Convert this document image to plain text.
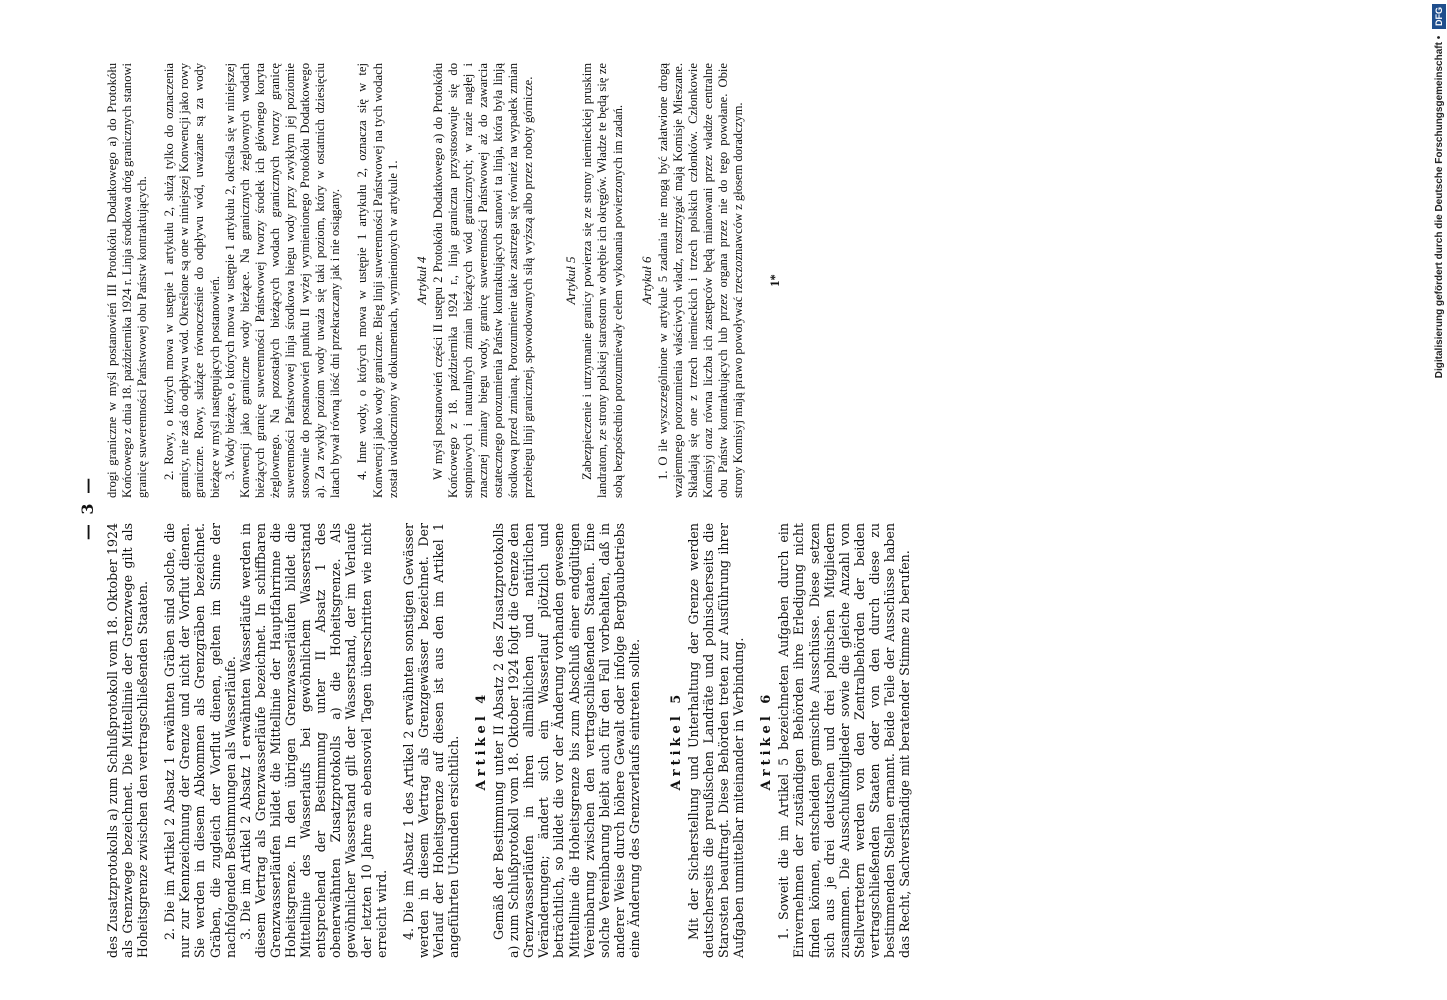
— 3 —

des Zusatzprotokolls a) zum Schlußprotokoll vom 18. Oktober 1924 als Grenzwege bezeichnet. Die Mittellinie der Grenzwege gilt als Hoheitsgrenze zwischen den vertragschließenden Staaten. 2. Die im Artikel 2 Absatz 1 erwähnten Gräben sind solche, die nur zur Kennzeichnung der Grenze und nicht der Vorflut dienen. Sie werden in diesem Abkommen als Grenzgräben bezeichnet. Gräben, die zugleich der Vorflut dienen, gelten im Sinne der nachfolgenden Bestimmungen als Wasserläufe. 3. Die im Artikel 2 Absatz 1 erwähnten Wasserläufe werden in diesem Vertrag als Grenzwasserläufe bezeichnet. In schiffbaren Grenzwasserläufen bildet die Mittellinie der Hauptfahrrinne die Hoheitsgrenze. In den übrigen Grenzwasserläufen bildet die Mittellinie des Wasserlaufs bei gewöhnlichem Wasserstand entsprechend der Bestimmung unter II Absatz 1 des obenerwähnten Zusatzprotokolls a) die Hoheitsgrenze. Als gewöhnlicher Wasserstand gilt der Wasserstand, der im Verlaufe der letzten 10 Jahre an ebensoviel Tagen überschritten wie nicht erreicht wird. 4. Die im Absatz 1 des Artikel 2 erwähnten sonstigen Gewässer werden in diesem Vertrag als Grenzgewässer bezeichnet. Der Verlauf der Hoheitsgrenze auf diesen ist aus den im Artikel 1 angeführten Urkunden ersichtlich. Artikel 4 Gemäß der Bestimmung unter II Absatz 2 des Zusatzprotokolls a) zum Schlußprotokoll vom 18. Oktober 1924 folgt die Grenze den Grenzwasserläufen in ihren allmählichen und natürlichen Veränderungen; ändert sich ein Wasserlauf plötzlich und beträchtlich, so bildet die vor der Änderung vorhanden gewesene Mittellinie die Hoheitsgrenze bis zum Abschluß einer endgültigen Vereinbarung zwischen den vertragschließenden Staaten. Eine solche Vereinbarung bleibt auch für den Fall vorbehalten, daß in anderer Weise durch höhere Gewalt oder infolge Bergbaubetriebs eine Änderung des Grenzverlaufs eintreten sollte. Artikel 5 Mit der Sicherstellung und Unterhaltung der Grenze werden deutscherseits die preußischen Landräte und polnischerseits die Starosten beauftragt. Diese Behörden treten zur Ausführung ihrer Aufgaben unmittelbar miteinander in Verbindung. Artikel 6 1. Soweit die im Artikel 5 bezeichneten Aufgaben durch ein Einvernehmen der zuständigen Behörden ihre Erledigung nicht finden können, entscheiden gemischte Ausschüsse. Diese setzen sich aus je drei deutschen und drei polnischen Mitgliedern zusammen. Die Ausschußmitglieder sowie die gleiche Anzahl von Stellvertretern werden von den Zentralbehörden der beiden vertragschließenden Staaten oder von den durch diese zu bestimmenden Stellen ernannt. Beide Teile der Ausschüsse haben das Recht, Sachverständige mit beratender Stimme zu berufen.

drogi graniczne w myśl postanowień III Protokółu Dodatkowego a) do Protokółu Końcowego z dnia 18. października 1924 r. Linja środkowa dróg granicznych stanowi granicę suwerenności Państwowej obu Państw kontraktujących. 2. Rowy, o których mowa w ustępie 1 artykułu 2, służą tylko do oznaczenia granicy, nie zaś do odpływu wód. Określone są one w niniejszej Konwencji jako rowy graniczne. Rowy, służące równocześnie do odpływu wód, uważane są za wody bieżące w myśl następujących postanowień. 3. Wody bieżące, o których mowa w ustępie 1 artykułu 2, określa się w niniejszej Konwencji jako graniczne wody bieżące. Na granicznych żeglownych wodach bieżących granicę suwerenności Państwowej tworzy środek ich głównego koryta żeglownego. Na pozostałych bieżących wodach granicznych tworzy granicę suwerenności Państwowej linja środkowa biegu wody przy zwykłym jej poziomie stosownie do postanowień punktu II wyżej wymienionego Protokółu Dodatkowego a). Za zwykły poziom wody uważa się taki poziom, który w ostatnich dziesięciu latach bywał równą ilość dni przekraczany jak i nie osiągany. 4. Inne wody, o których mowa w ustępie 1 artykułu 2, oznacza się w tej Konwencji jako wody graniczne. Bieg linji suwerenności Państwowej na tych wodach został uwidoczniony w dokumentach, wymienionych w artykule 1. Artykuł 4 W myśl postanowień części II ustępu 2 Protokółu Dodatkowego a) do Protokółu Końcowego z 18. października 1924 r., linja graniczna przystosowuje się do stopniowych i naturalnych zmian bieżących wód granicznych; w razie nagłej i znacznej zmiany biegu wody, granicę suwerenności Państwowej aż do zawarcia ostatecznego porozumienia Państw kontraktujących stanowi ta linja, która była linją środkową przed zmianą. Porozumienie takie zastrzega się również na wypadek zmian przebiegu linji granicznej, spowodowanych siłą wyższą albo przez roboty górnicze. Artykuł 5 Zabezpieczenie i utrzymanie granicy powierza się ze strony niemieckiej pruskim landratom, ze strony polskiej starostom w obrębie ich okręgów. Władze te będą się ze sobą bezpośrednio porozumiewały celem wykonania powierzonych im zadań. Artykuł 6 1. O ile wyszczególnione w artykule 5 zadania nie mogą być załatwione drogą wzajemnego porozumienia właściwych władz, rozstrzygać mają Komisje Mieszane. Składają się one z trzech niemieckich i trzech polskich członków. Członkowie Komisyj oraz równa liczba ich zastępców będą mianowani przez władze centralne obu Państw kontraktujących lub przez organa przez nie do tego powołane. Obie strony Komisyj mają prawo powoływać rzeczoznawców z głosem doradczym. 1*	Digitalisierung gefördert durch die Deutsche Forschungsgemeinschaft • DFG
